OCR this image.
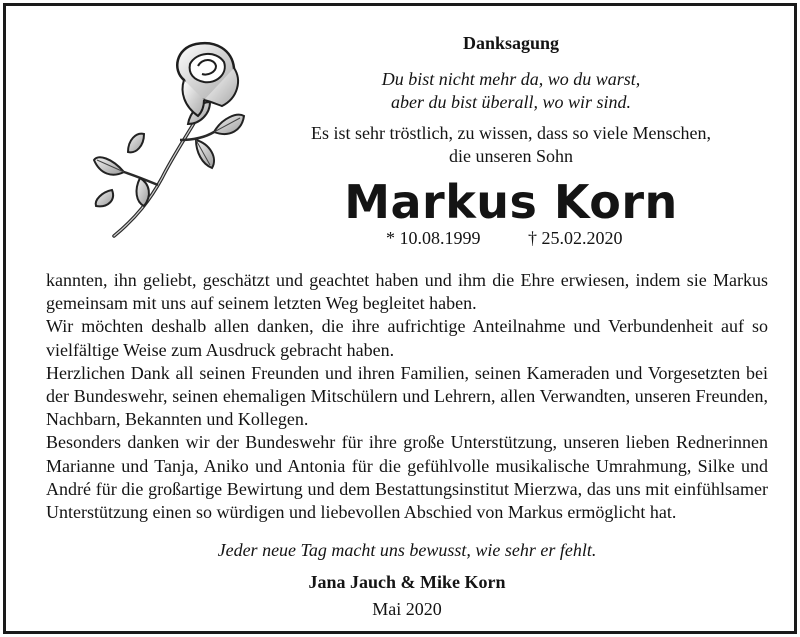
Danksagung
Du bist nicht mehr da, wo du warst,
aber du bist überall, wo wir sind.
Es ist sehr tröstlich, zu wissen, dass so viele Menschen,
die unseren Sohn
Markus Korn
* 10.08.1999	† 25.02.2020

kannten, ihn geliebt, geschätzt und geachtet haben und ihm die Ehre erwiesen, indem sie Markus gemeinsam mit uns auf seinem letzten Weg begleitet haben.

Wir möchten deshalb allen danken, die ihre aufrichtige Anteilnahme und Verbundenheit auf so vielfältige Weise zum Ausdruck gebracht haben.

Herzlichen Dank all seinen Freunden und ihren Familien, seinen Kameraden und Vorgesetzten bei der Bundeswehr, seinen ehemaligen Mitschülern und Lehrern, allen Verwandten, unseren Freunden, Nachbarn, Bekannten und Kollegen.

Besonders danken wir der Bundeswehr für ihre große Unterstützung, unseren lieben Rednerinnen Marianne und Tanja, Aniko und Antonia für die gefühlvolle musikalische Umrahmung, Silke und André für die großartige Bewirtung und dem Bestattungsinstitut Mierzwa, das uns mit einfühlsamer Unterstützung einen so würdigen und liebevollen Abschied von Markus ermöglicht hat.

Jeder neue Tag macht uns bewusst, wie sehr er fehlt.
Jana Jauch & Mike Korn
Mai 2020
